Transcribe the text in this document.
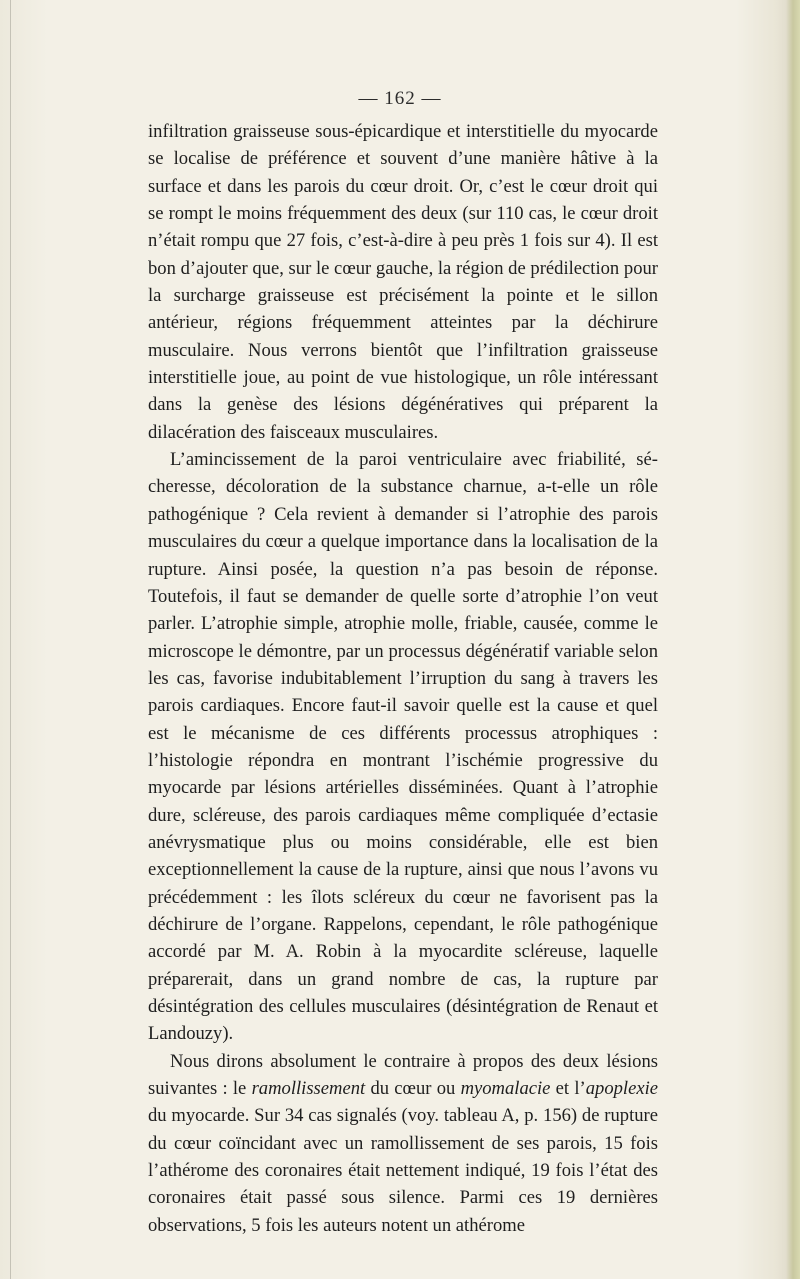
— 162 —

infiltration graisseuse sous-épicardique et interstitielle du myocarde se localise de préférence et souvent d’une manière hâtive à la surface et dans les parois du cœur droit. Or, c’est le cœur droit qui se rompt le moins fréquemment des deux (sur 110 cas, le cœur droit n’était rompu que 27 fois, c’est-à-dire à peu près 1 fois sur 4). Il est bon d’ajouter que, sur le cœur gauche, la région de prédilection pour la surcharge graisseuse est précisément la pointe et le sillon antérieur, régions fréquemment atteintes par la déchirure musculaire. Nous verrons bientôt que l’infiltration graisseuse interstitielle joue, au point de vue histologique, un rôle intéressant dans la genèse des lésions dégénératives qui préparent la dilacération des faisceaux musculaires.

L’amincissement de la paroi ventriculaire avec friabilité, sécheresse, décoloration de la substance charnue, a-t-elle un rôle pathogénique ? Cela revient à demander si l’atrophie des parois musculaires du cœur a quelque importance dans la localisation de la rupture. Ainsi posée, la question n’a pas besoin de réponse. Toutefois, il faut se demander de quelle sorte d’atrophie l’on veut parler. L’atrophie simple, atrophie molle, friable, causée, comme le microscope le démontre, par un processus dégénératif variable selon les cas, favorise indubitablement l’irruption du sang à travers les parois cardiaques. Encore faut-il savoir quelle est la cause et quel est le mécanisme de ces différents processus atrophiques : l’histologie répondra en montrant l’ischémie progressive du myocarde par lésions artérielles disséminées. Quant à l’atrophie dure, scléreuse, des parois cardiaques même compliquée d’ectasie anévrysmatique plus ou moins considérable, elle est bien exceptionnellement la cause de la rupture, ainsi que nous l’avons vu précédemment : les îlots scléreux du cœur ne favorisent pas la déchirure de l’organe. Rappelons, cependant, le rôle pathogénique accordé par M. A. Robin à la myocardite scléreuse, laquelle préparerait, dans un grand nombre de cas, la rupture par désintégration des cellules musculaires (désintégration de Renaut et Landouzy).

Nous dirons absolument le contraire à propos des deux lésions suivantes : le ramollissement du cœur ou myomalacie et l’apoplexie du myocarde. Sur 34 cas signalés (voy. tableau A, p. 156) de rupture du cœur coïncidant avec un ramollissement de ses parois, 15 fois l’athérome des coronaires était nettement indiqué, 19 fois l’état des coronaires était passé sous silence. Parmi ces 19 dernières observations, 5 fois les auteurs notent un athérome
